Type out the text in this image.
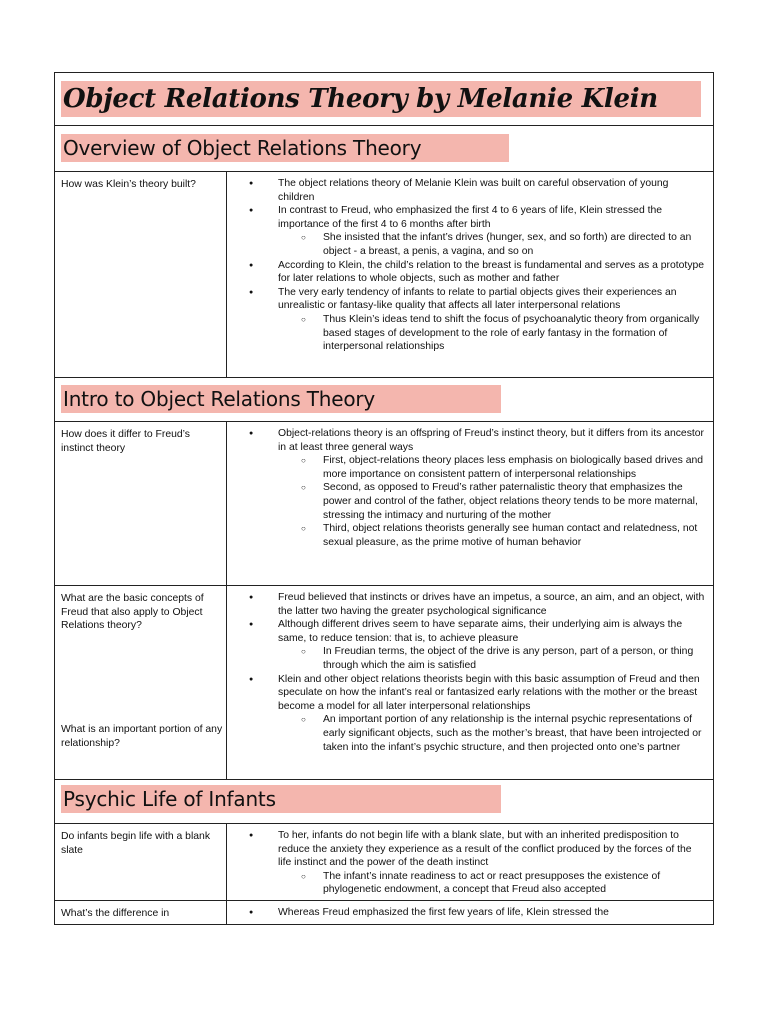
Object Relations Theory by Melanie Klein
Overview of Object Relations Theory
How was Klein’s theory built?	● The object relations theory of Melanie Klein was built on careful observation of young children
● In contrast to Freud, who emphasized the first 4 to 6 years of life, Klein stressed the importance of the first 4 to 6 months after birth
○ She insisted that the infant’s drives (hunger, sex, and so forth) are directed to an object - a breast, a penis, a vagina, and so on
● According to Klein, the child’s relation to the breast is fundamental and serves as a prototype for later relations to whole objects, such as mother and father
● The very early tendency of infants to relate to partial objects gives their experiences an unrealistic or fantasy-like quality that affects all later interpersonal relations
○ Thus Klein’s ideas tend to shift the focus of psychoanalytic theory from organically based stages of development to the role of early fantasy in the formation of interpersonal relationships
Intro to Object Relations Theory
How does it differ to Freud’s instinct theory
● Object-relations theory is an offspring of Freud’s instinct theory, but it differs from its ancestor in at least three general ways
○ First, object-relations theory places less emphasis on biologically based drives and more importance on consistent pattern of interpersonal relationships
○ Second, as opposed to Freud’s rather paternalistic theory that emphasizes the power and control of the father, object relations theory tends to be more maternal, stressing the intimacy and nurturing of the mother
○ Third, object relations theorists generally see human contact and relatedness, not sexual pleasure, as the prime motive of human behavior
What are the basic concepts of Freud that also apply to Object Relations theory?
What is an important portion of any relationship?
● Freud believed that instincts or drives have an impetus, a source, an aim, and an object, with the latter two having the greater psychological significance
● Although different drives seem to have separate aims, their underlying aim is always the same, to reduce tension: that is, to achieve pleasure
○ In Freudian terms, the object of the drive is any person, part of a person, or thing through which the aim is satisfied
● Klein and other object relations theorists begin with this basic assumption of Freud and then speculate on how the infant’s real or fantasized early relations with the mother or the breast become a model for all later interpersonal relationships
○ An important portion of any relationship is the internal psychic representations of early significant objects, such as the mother’s breast, that have been introjected or taken into the infant’s psychic structure, and then projected onto one’s partner
Psychic Life of Infants
Do infants begin life with a blank slate
● To her, infants do not begin life with a blank slate, but with an inherited predisposition to reduce the anxiety they experience as a result of the conflict produced by the forces of the life instinct and the power of the death instinct
○ The infant’s innate readiness to act or react presupposes the existence of phylogenetic endowment, a concept that Freud also accepted
What’s the difference in	● Whereas Freud emphasized the first few years of life, Klein stressed the
